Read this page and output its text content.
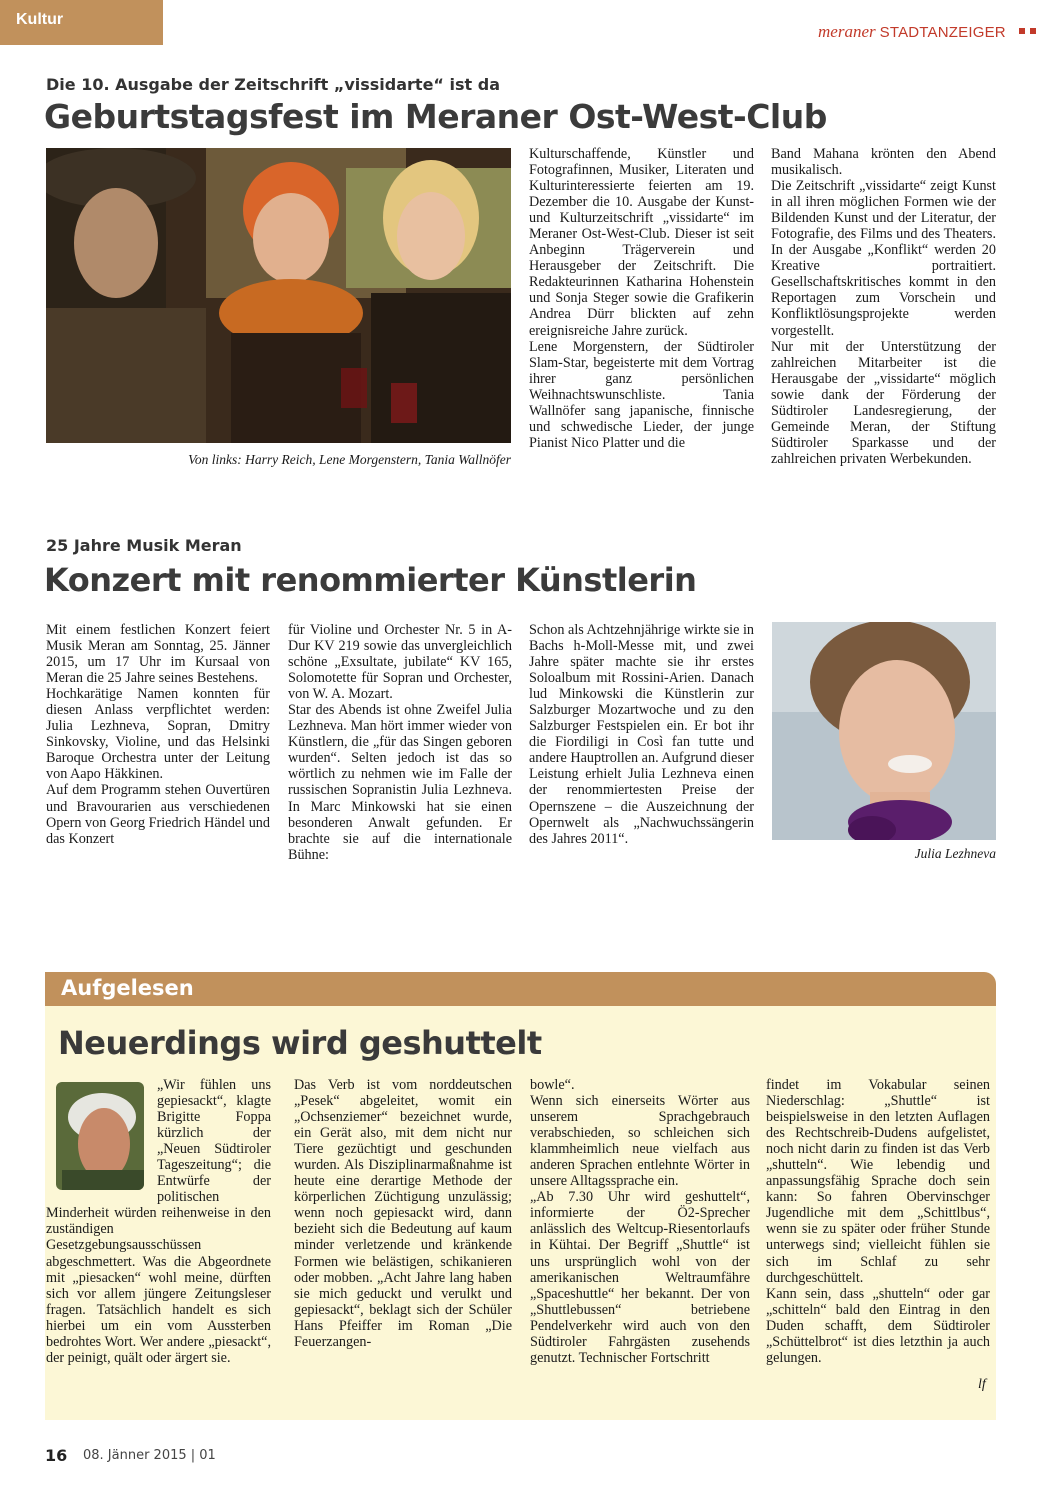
Kultur
meraner STADTANZEIGER
Die 10. Ausgabe der Zeitschrift „vissidarte“ ist da
Geburtstagsfest im Meraner Ost-West-Club
Von links: Harry Reich, Lene Morgenstern, Tania Wallnöfer

Kulturschaffende, Künstler und Fotografinnen, Musiker, Literaten und Kulturinteressierte feierten am 19. Dezember die 10. Ausgabe der Kunst- und Kulturzeitschrift „vissidarte“ im Meraner Ost-West-Club. Dieser ist seit Anbeginn Trägerverein und Herausgeber der Zeitschrift. Die Redakteurinnen Katharina Hohenstein und Sonja Steger sowie die Grafikerin Andrea Dürr blickten auf zehn ereignisreiche Jahre zurück.

Lene Morgenstern, der Südtiroler Slam-Star, begeisterte mit dem Vortrag ihrer ganz persönlichen Weihnachtswunschliste. Tania Wallnöfer sang japanische, finnische und schwedische Lieder, der junge Pianist Nico Platter und die

Band Mahana krönten den Abend musikalisch.

Die Zeitschrift „vissidarte“ zeigt Kunst in all ihren möglichen Formen wie der Bildenden Kunst und der Literatur, der Fotografie, des Films und des Theaters. In der Ausgabe „Konflikt“ werden 20 Kreative portraitiert. Gesellschaftskritisches kommt in den Reportagen zum Vorschein und Konfliktlösungsprojekte werden vorgestellt.

Nur mit der Unterstützung der zahlreichen Mitarbeiter ist die Herausgabe der „vissidarte“ möglich sowie dank der Förderung der Südtiroler Landesregierung, der Gemeinde Meran, der Stiftung Südtiroler Sparkasse und der zahlreichen privaten Werbekunden.

25 Jahre Musik Meran
Konzert mit renommierter Künstlerin

Mit einem festlichen Konzert feiert Musik Meran am Sonntag, 25. Jänner 2015, um 17 Uhr im Kursaal von Meran die 25 Jahre seines Bestehens.

Hochkarätige Namen konnten für diesen Anlass verpflichtet werden: Julia Lezhneva, Sopran, Dmitry Sinkovsky, Violine, und das Helsinki Baroque Orchestra unter der Leitung von Aapo Häkkinen.

Auf dem Programm stehen Ouvertüren und Bravourarien aus verschiedenen Opern von Georg Friedrich Händel und das Konzert

für Violine und Orchester Nr. 5 in A-Dur KV 219 sowie das unvergleichlich schöne „Exsultate, jubilate“ KV 165, Solomotette für Sopran und Orchester, von W. A. Mozart.

Star des Abends ist ohne Zweifel Julia Lezhneva. Man hört immer wieder von Künstlern, die „für das Singen geboren wurden“. Selten jedoch ist das so wörtlich zu nehmen wie im Falle der russischen Sopranistin Julia Lezhneva. In Marc Minkowski hat sie einen besonderen Anwalt gefunden. Er brachte sie auf die internationale Bühne:

Schon als Achtzehnjährige wirkte sie in Bachs h-Moll-Messe mit, und zwei Jahre später machte sie ihr erstes Soloalbum mit Rossini-Arien. Danach lud Minkowski die Künstlerin zur Salzburger Mozartwoche und zu den Salzburger Festspielen ein. Er bot ihr die Fiordiligi in Così fan tutte und andere Hauptrollen an. Aufgrund dieser Leistung erhielt Julia Lezhneva einen der renommiertesten Preise der Opernszene – die Auszeichnung der Opernwelt als „Nachwuchssängerin des Jahres 2011“.

Julia Lezhneva
Aufgelesen
Neuerdings wird geshuttelt

„Wir fühlen uns gepiesackt“, klagte Brigitte Foppa kürzlich der „Neuen Südtiroler Tageszeitung“; die Entwürfe der politischen Minderheit würden reihenweise in den zuständigen Gesetzgebungsausschüssen abgeschmettert. Was die Abgeordnete mit „piesacken“ wohl meine, dürften sich vor allem jüngere Zeitungsleser fragen. Tatsächlich handelt es sich hierbei um ein vom Aussterben bedrohtes Wort. Wer andere „piesackt“, der peinigt, quält oder ärgert sie.

Das Verb ist vom norddeutschen „Pesek“ abgeleitet, womit ein „Ochsenziemer“ bezeichnet wurde, ein Gerät also, mit dem nicht nur Tiere gezüchtigt und geschunden wurden. Als Disziplinarmaßnahme ist heute eine derartige Methode der körperlichen Züchtigung unzulässig; wenn noch gepiesackt wird, dann bezieht sich die Bedeutung auf kaum minder verletzende und kränkende Formen wie belästigen, schikanieren oder mobben. „Acht Jahre lang haben sie mich geduckt und verulkt und gepiesackt“, beklagt sich der Schüler Hans Pfeiffer im Roman „Die Feuerzangen-

bowle“.

Wenn sich einerseits Wörter aus unserem Sprachgebrauch verabschieden, so schleichen sich klammheimlich neue vielfach aus anderen Sprachen entlehnte Wörter in unsere Alltagssprache ein.

„Ab 7.30 Uhr wird geshuttelt“, informierte der Ö2-Sprecher anlässlich des Weltcup-Riesentorlaufs in Kühtai. Der Begriff „Shuttle“ ist uns ursprünglich wohl von der amerikanischen Weltraumfähre „Spaceshuttle“ her bekannt. Der von „Shuttlebussen“ betriebene Pendelverkehr wird auch von den Südtiroler Fahrgästen zusehends genutzt. Technischer Fortschritt

findet im Vokabular seinen Niederschlag: „Shuttle“ ist beispielsweise in den letzten Auflagen des Rechtschreib-Dudens aufgelistet, noch nicht darin zu finden ist das Verb „shutteln“. Wie lebendig und anpassungsfähig Sprache doch sein kann: So fahren Obervinschger Jugendliche mit dem „Schittlbus“, wenn sie zu später oder früher Stunde unterwegs sind; vielleicht fühlen sie sich im Schlaf zu sehr durchgeschüttelt.

Kann sein, dass „shutteln“ oder gar „schitteln“ bald den Eintrag in den Duden schafft, dem Südtiroler „Schüttelbrot“ ist dies letzthin ja auch gelungen.

lf
16 08. Jänner 2015 | 01
